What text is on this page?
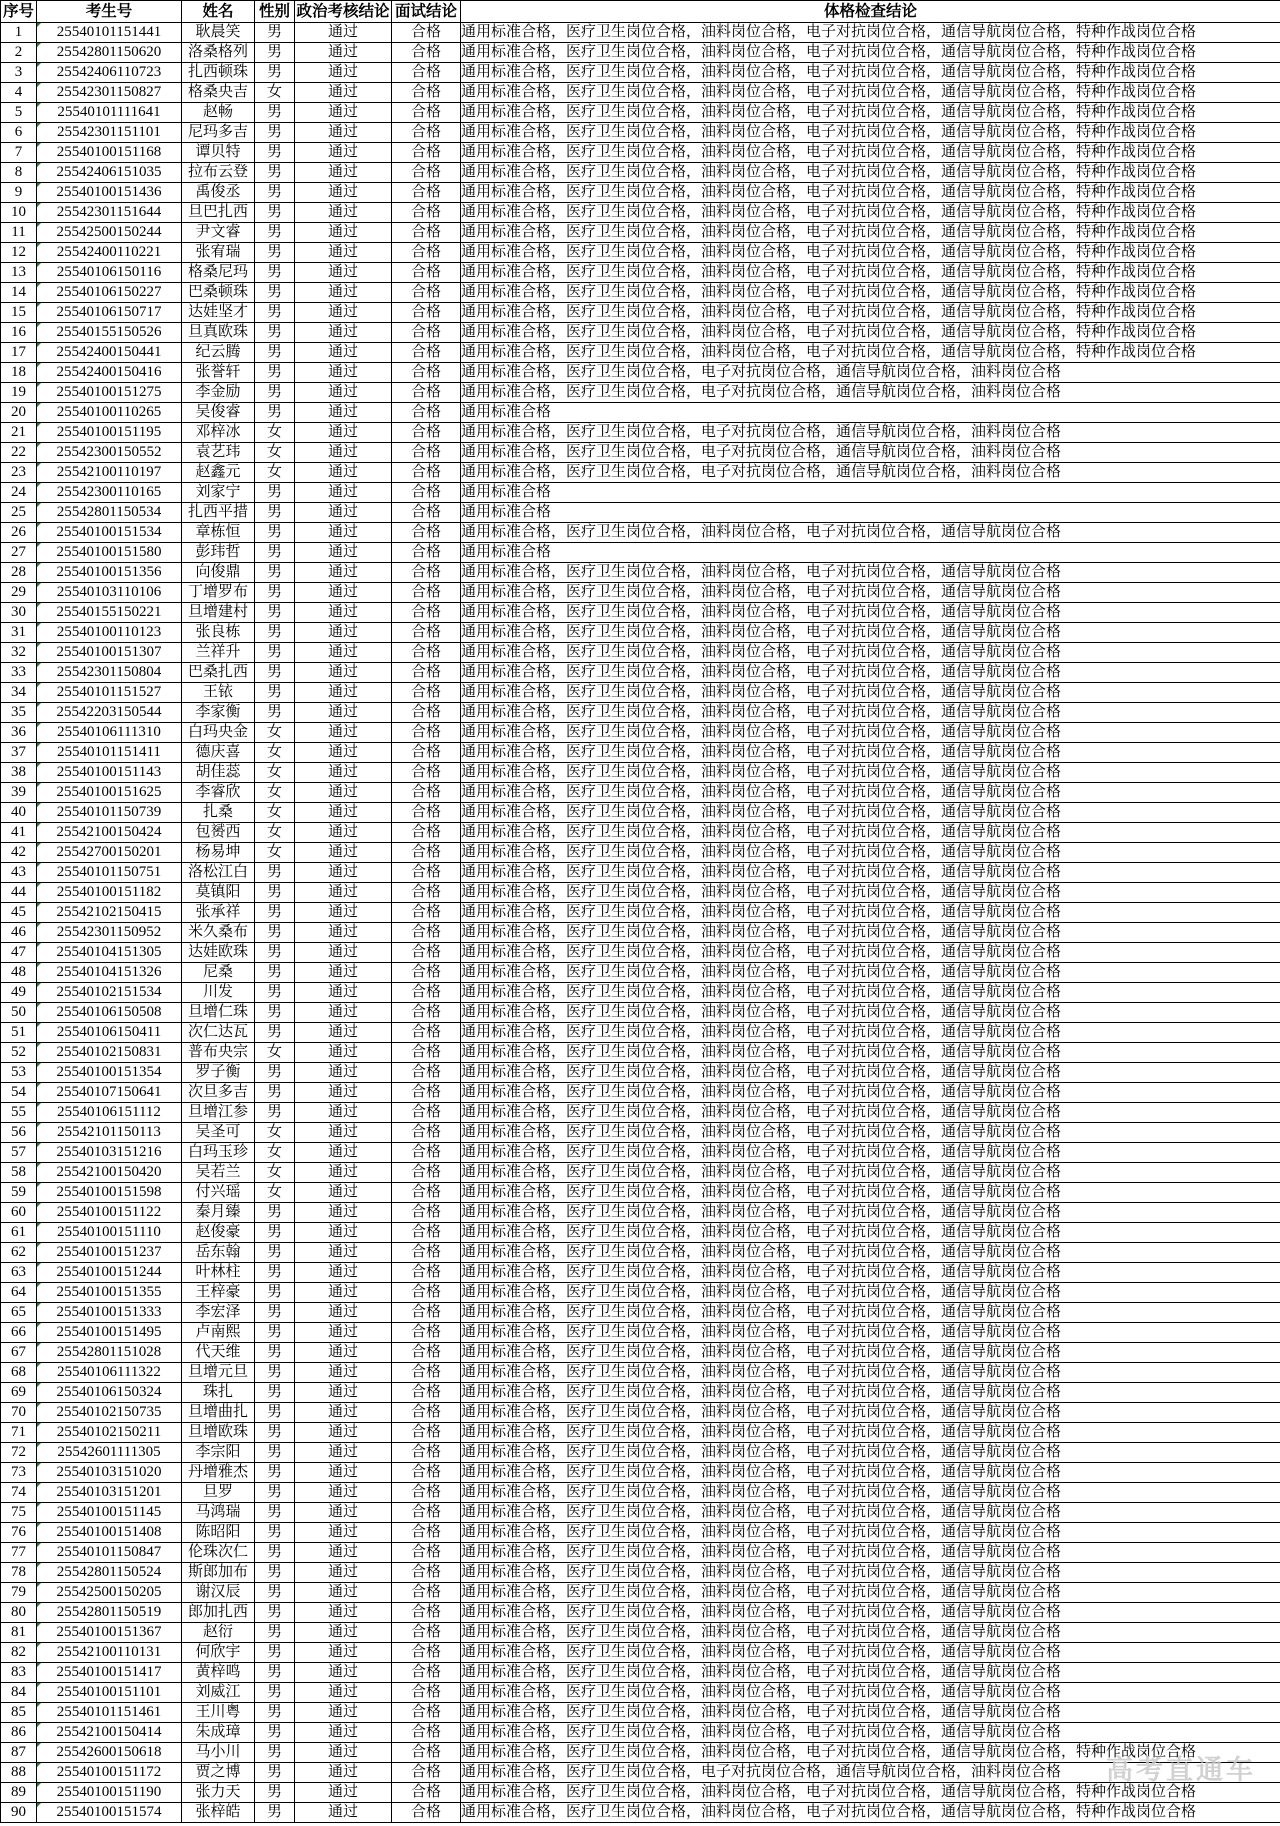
序号	考生号	姓名	性别	政治考核结论	面试结论	体格检查结论
1	25540101151441	耿晨笑	男	通过	合格	通用标准合格，医疗卫生岗位合格，油料岗位合格，电子对抗岗位合格，通信导航岗位合格，特种作战岗位合格
2	25542801150620	洛桑格列	男	通过	合格	通用标准合格，医疗卫生岗位合格，油料岗位合格，电子对抗岗位合格，通信导航岗位合格，特种作战岗位合格
3	25542406110723	扎西顿珠	男	通过	合格	通用标准合格，医疗卫生岗位合格，油料岗位合格，电子对抗岗位合格，通信导航岗位合格，特种作战岗位合格
4	25542301150827	格桑央吉	女	通过	合格	通用标准合格，医疗卫生岗位合格，油料岗位合格，电子对抗岗位合格，通信导航岗位合格，特种作战岗位合格
5	25540101111641	赵畅	男	通过	合格	通用标准合格，医疗卫生岗位合格，油料岗位合格，电子对抗岗位合格，通信导航岗位合格，特种作战岗位合格
6	25542301151101	尼玛多吉	男	通过	合格	通用标准合格，医疗卫生岗位合格，油料岗位合格，电子对抗岗位合格，通信导航岗位合格，特种作战岗位合格
7	25540100151168	谭贝特	男	通过	合格	通用标准合格，医疗卫生岗位合格，油料岗位合格，电子对抗岗位合格，通信导航岗位合格，特种作战岗位合格
8	25542406151035	拉布云登	男	通过	合格	通用标准合格，医疗卫生岗位合格，油料岗位合格，电子对抗岗位合格，通信导航岗位合格，特种作战岗位合格
9	25540100151436	禹俊丞	男	通过	合格	通用标准合格，医疗卫生岗位合格，油料岗位合格，电子对抗岗位合格，通信导航岗位合格，特种作战岗位合格
10	25542301151644	旦巴扎西	男	通过	合格	通用标准合格，医疗卫生岗位合格，油料岗位合格，电子对抗岗位合格，通信导航岗位合格，特种作战岗位合格
11	25542500150244	尹文睿	男	通过	合格	通用标准合格，医疗卫生岗位合格，油料岗位合格，电子对抗岗位合格，通信导航岗位合格，特种作战岗位合格
12	25542400110221	张宥瑞	男	通过	合格	通用标准合格，医疗卫生岗位合格，油料岗位合格，电子对抗岗位合格，通信导航岗位合格，特种作战岗位合格
13	25540106150116	格桑尼玛	男	通过	合格	通用标准合格，医疗卫生岗位合格，油料岗位合格，电子对抗岗位合格，通信导航岗位合格，特种作战岗位合格
14	25540106150227	巴桑顿珠	男	通过	合格	通用标准合格，医疗卫生岗位合格，油料岗位合格，电子对抗岗位合格，通信导航岗位合格，特种作战岗位合格
15	25540106150717	达娃坚才	男	通过	合格	通用标准合格，医疗卫生岗位合格，油料岗位合格，电子对抗岗位合格，通信导航岗位合格，特种作战岗位合格
16	25540155150526	旦真欧珠	男	通过	合格	通用标准合格，医疗卫生岗位合格，油料岗位合格，电子对抗岗位合格，通信导航岗位合格，特种作战岗位合格
17	25542400150441	纪云腾	男	通过	合格	通用标准合格，医疗卫生岗位合格，油料岗位合格，电子对抗岗位合格，通信导航岗位合格，特种作战岗位合格
18	25542400150416	张誉轩	男	通过	合格	通用标准合格，医疗卫生岗位合格，电子对抗岗位合格，通信导航岗位合格，油料岗位合格
19	25540100151275	李金励	男	通过	合格	通用标准合格，医疗卫生岗位合格，电子对抗岗位合格，通信导航岗位合格，油料岗位合格
20	25540100110265	吴俊睿	男	通过	合格	通用标准合格
21	25540100151195	邓梓冰	女	通过	合格	通用标准合格，医疗卫生岗位合格，电子对抗岗位合格，通信导航岗位合格，油料岗位合格
22	25542300150552	袁艺玮	女	通过	合格	通用标准合格，医疗卫生岗位合格，电子对抗岗位合格，通信导航岗位合格，油料岗位合格
23	25542100110197	赵鑫元	女	通过	合格	通用标准合格，医疗卫生岗位合格，电子对抗岗位合格，通信导航岗位合格，油料岗位合格
24	25542300110165	刘家宁	男	通过	合格	通用标准合格
25	25542801150534	扎西平措	男	通过	合格	通用标准合格
26	25540100151534	章栋恒	男	通过	合格	通用标准合格，医疗卫生岗位合格，油料岗位合格，电子对抗岗位合格，通信导航岗位合格
27	25540100151580	彭玮哲	男	通过	合格	通用标准合格
28	25540100151356	向俊鼎	男	通过	合格	通用标准合格，医疗卫生岗位合格，油料岗位合格，电子对抗岗位合格，通信导航岗位合格
29	25540103110106	丁增罗布	男	通过	合格	通用标准合格，医疗卫生岗位合格，油料岗位合格，电子对抗岗位合格，通信导航岗位合格
30	25540155150221	旦增建村	男	通过	合格	通用标准合格，医疗卫生岗位合格，油料岗位合格，电子对抗岗位合格，通信导航岗位合格
31	25540100110123	张良栋	男	通过	合格	通用标准合格，医疗卫生岗位合格，油料岗位合格，电子对抗岗位合格，通信导航岗位合格
32	25540100151307	兰祥升	男	通过	合格	通用标准合格，医疗卫生岗位合格，油料岗位合格，电子对抗岗位合格，通信导航岗位合格
33	25542301150804	巴桑扎西	男	通过	合格	通用标准合格，医疗卫生岗位合格，油料岗位合格，电子对抗岗位合格，通信导航岗位合格
34	25540101151527	王铱	男	通过	合格	通用标准合格，医疗卫生岗位合格，油料岗位合格，电子对抗岗位合格，通信导航岗位合格
35	25542203150544	李家衡	男	通过	合格	通用标准合格，医疗卫生岗位合格，油料岗位合格，电子对抗岗位合格，通信导航岗位合格
36	25540106111310	白玛央金	女	通过	合格	通用标准合格，医疗卫生岗位合格，油料岗位合格，电子对抗岗位合格，通信导航岗位合格
37	25540101151411	德庆喜	女	通过	合格	通用标准合格，医疗卫生岗位合格，油料岗位合格，电子对抗岗位合格，通信导航岗位合格
38	25540100151143	胡佳蕊	女	通过	合格	通用标准合格，医疗卫生岗位合格，油料岗位合格，电子对抗岗位合格，通信导航岗位合格
39	25540100151625	李睿欣	女	通过	合格	通用标准合格，医疗卫生岗位合格，油料岗位合格，电子对抗岗位合格，通信导航岗位合格
40	25540101150739	扎桑	女	通过	合格	通用标准合格，医疗卫生岗位合格，油料岗位合格，电子对抗岗位合格，通信导航岗位合格
41	25542100150424	包赟西	女	通过	合格	通用标准合格，医疗卫生岗位合格，油料岗位合格，电子对抗岗位合格，通信导航岗位合格
42	25542700150201	杨易坤	女	通过	合格	通用标准合格，医疗卫生岗位合格，油料岗位合格，电子对抗岗位合格，通信导航岗位合格
43	25540101150751	洛松江白	男	通过	合格	通用标准合格，医疗卫生岗位合格，油料岗位合格，电子对抗岗位合格，通信导航岗位合格
44	25540100151182	莫镇阳	男	通过	合格	通用标准合格，医疗卫生岗位合格，油料岗位合格，电子对抗岗位合格，通信导航岗位合格
45	25542102150415	张承祥	男	通过	合格	通用标准合格，医疗卫生岗位合格，油料岗位合格，电子对抗岗位合格，通信导航岗位合格
46	25542301150952	米久桑布	男	通过	合格	通用标准合格，医疗卫生岗位合格，油料岗位合格，电子对抗岗位合格，通信导航岗位合格
47	25540104151305	达娃欧珠	男	通过	合格	通用标准合格，医疗卫生岗位合格，油料岗位合格，电子对抗岗位合格，通信导航岗位合格
48	25540104151326	尼桑	男	通过	合格	通用标准合格，医疗卫生岗位合格，油料岗位合格，电子对抗岗位合格，通信导航岗位合格
49	25540102151534	川发	男	通过	合格	通用标准合格，医疗卫生岗位合格，油料岗位合格，电子对抗岗位合格，通信导航岗位合格
50	25540106150508	旦增仁珠	男	通过	合格	通用标准合格，医疗卫生岗位合格，油料岗位合格，电子对抗岗位合格，通信导航岗位合格
51	25540106150411	次仁达瓦	男	通过	合格	通用标准合格，医疗卫生岗位合格，油料岗位合格，电子对抗岗位合格，通信导航岗位合格
52	25540102150831	普布央宗	女	通过	合格	通用标准合格，医疗卫生岗位合格，油料岗位合格，电子对抗岗位合格，通信导航岗位合格
53	25540100151354	罗子衡	男	通过	合格	通用标准合格，医疗卫生岗位合格，油料岗位合格，电子对抗岗位合格，通信导航岗位合格
54	25540107150641	次旦多吉	男	通过	合格	通用标准合格，医疗卫生岗位合格，油料岗位合格，电子对抗岗位合格，通信导航岗位合格
55	25540106151112	旦增江参	男	通过	合格	通用标准合格，医疗卫生岗位合格，油料岗位合格，电子对抗岗位合格，通信导航岗位合格
56	25542101150113	吴圣可	女	通过	合格	通用标准合格，医疗卫生岗位合格，油料岗位合格，电子对抗岗位合格，通信导航岗位合格
57	25540103151216	白玛玉珍	女	通过	合格	通用标准合格，医疗卫生岗位合格，油料岗位合格，电子对抗岗位合格，通信导航岗位合格
58	25542100150420	吴若兰	女	通过	合格	通用标准合格，医疗卫生岗位合格，油料岗位合格，电子对抗岗位合格，通信导航岗位合格
59	25540100151598	付兴瑶	女	通过	合格	通用标准合格，医疗卫生岗位合格，油料岗位合格，电子对抗岗位合格，通信导航岗位合格
60	25540100151122	秦月臻	男	通过	合格	通用标准合格，医疗卫生岗位合格，油料岗位合格，电子对抗岗位合格，通信导航岗位合格
61	25540100151110	赵俊豪	男	通过	合格	通用标准合格，医疗卫生岗位合格，油料岗位合格，电子对抗岗位合格，通信导航岗位合格
62	25540100151237	岳东翰	男	通过	合格	通用标准合格，医疗卫生岗位合格，油料岗位合格，电子对抗岗位合格，通信导航岗位合格
63	25540100151244	叶林柱	男	通过	合格	通用标准合格，医疗卫生岗位合格，油料岗位合格，电子对抗岗位合格，通信导航岗位合格
64	25540100151355	王梓豪	男	通过	合格	通用标准合格，医疗卫生岗位合格，油料岗位合格，电子对抗岗位合格，通信导航岗位合格
65	25540100151333	李宏泽	男	通过	合格	通用标准合格，医疗卫生岗位合格，油料岗位合格，电子对抗岗位合格，通信导航岗位合格
66	25540100151495	卢南熙	男	通过	合格	通用标准合格，医疗卫生岗位合格，油料岗位合格，电子对抗岗位合格，通信导航岗位合格
67	25542801151028	代天维	男	通过	合格	通用标准合格，医疗卫生岗位合格，油料岗位合格，电子对抗岗位合格，通信导航岗位合格
68	25540106111322	旦增元旦	男	通过	合格	通用标准合格，医疗卫生岗位合格，油料岗位合格，电子对抗岗位合格，通信导航岗位合格
69	25540106150324	珠扎	男	通过	合格	通用标准合格，医疗卫生岗位合格，油料岗位合格，电子对抗岗位合格，通信导航岗位合格
70	25540102150735	旦增曲扎	男	通过	合格	通用标准合格，医疗卫生岗位合格，油料岗位合格，电子对抗岗位合格，通信导航岗位合格
71	25540102150211	旦增欧珠	男	通过	合格	通用标准合格，医疗卫生岗位合格，油料岗位合格，电子对抗岗位合格，通信导航岗位合格
72	25542601111305	李宗阳	男	通过	合格	通用标准合格，医疗卫生岗位合格，油料岗位合格，电子对抗岗位合格，通信导航岗位合格
73	25540103151020	丹增雅杰	男	通过	合格	通用标准合格，医疗卫生岗位合格，油料岗位合格，电子对抗岗位合格，通信导航岗位合格
74	25540103151201	旦罗	男	通过	合格	通用标准合格，医疗卫生岗位合格，油料岗位合格，电子对抗岗位合格，通信导航岗位合格
75	25540100151145	马鸿瑞	男	通过	合格	通用标准合格，医疗卫生岗位合格，油料岗位合格，电子对抗岗位合格，通信导航岗位合格
76	25540100151408	陈昭阳	男	通过	合格	通用标准合格，医疗卫生岗位合格，油料岗位合格，电子对抗岗位合格，通信导航岗位合格
77	25540101150847	伦珠次仁	男	通过	合格	通用标准合格，医疗卫生岗位合格，油料岗位合格，电子对抗岗位合格，通信导航岗位合格
78	25542801150524	斯郎加布	男	通过	合格	通用标准合格，医疗卫生岗位合格，油料岗位合格，电子对抗岗位合格，通信导航岗位合格
79	25542500150205	谢汉辰	男	通过	合格	通用标准合格，医疗卫生岗位合格，油料岗位合格，电子对抗岗位合格，通信导航岗位合格
80	25542801150519	郎加扎西	男	通过	合格	通用标准合格，医疗卫生岗位合格，油料岗位合格，电子对抗岗位合格，通信导航岗位合格
81	25540100151367	赵衍	男	通过	合格	通用标准合格，医疗卫生岗位合格，油料岗位合格，电子对抗岗位合格，通信导航岗位合格
82	25542100110131	何欣宇	男	通过	合格	通用标准合格，医疗卫生岗位合格，油料岗位合格，电子对抗岗位合格，通信导航岗位合格
83	25540100151417	黄梓鸣	男	通过	合格	通用标准合格，医疗卫生岗位合格，油料岗位合格，电子对抗岗位合格，通信导航岗位合格
84	25540100151101	刘威江	男	通过	合格	通用标准合格，医疗卫生岗位合格，油料岗位合格，电子对抗岗位合格，通信导航岗位合格
85	25540101151461	王川粤	男	通过	合格	通用标准合格，医疗卫生岗位合格，油料岗位合格，电子对抗岗位合格，通信导航岗位合格
86	25542100150414	朱成璋	男	通过	合格	通用标准合格，医疗卫生岗位合格，油料岗位合格，电子对抗岗位合格，通信导航岗位合格
87	25542600150618	马小川	男	通过	合格	通用标准合格，医疗卫生岗位合格，油料岗位合格，电子对抗岗位合格，通信导航岗位合格，特种作战岗位合格
88	25540100151172	贾之博	男	通过	合格	通用标准合格，医疗卫生岗位合格，电子对抗岗位合格，通信导航岗位合格，油料岗位合格
89	25540100151190	张力天	男	通过	合格	通用标准合格，医疗卫生岗位合格，油料岗位合格，电子对抗岗位合格，通信导航岗位合格，特种作战岗位合格
90	25540100151574	张梓皓	男	通过	合格	通用标准合格，医疗卫生岗位合格，油料岗位合格，电子对抗岗位合格，通信导航岗位合格，特种作战岗位合格
高考直通车
